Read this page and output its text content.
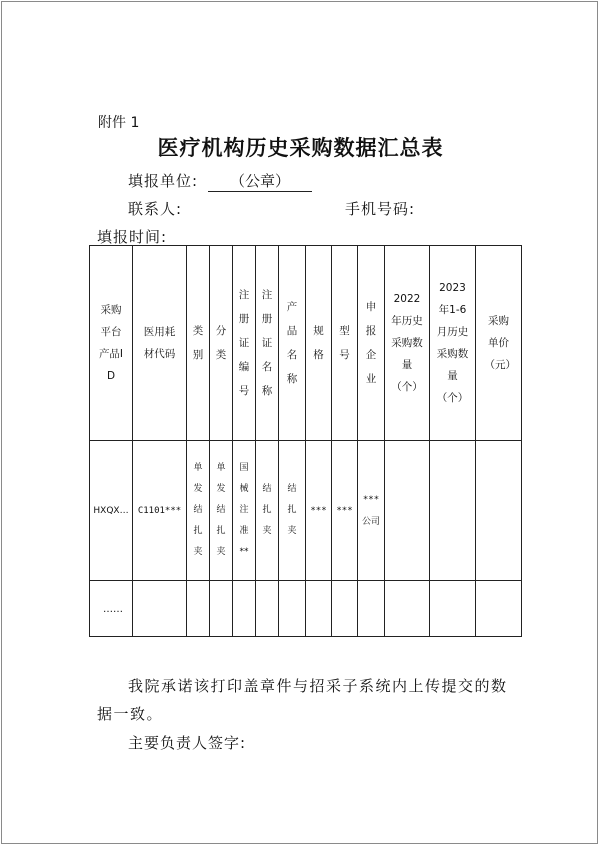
附件 1
医疗机构历史采购数据汇总表
填报单位:	（公章）
联系人:	手机号码:
填报时间:
采购平台产品ID	医用耗材代码	类别	分类	注册证编号	注册证名称	产品名称	规格	型号	申报企业	2022年历史采购数量（个）	2023年1-6月历史采购数量（个）	采购单价（元）
HXQX…	C1101***	单发结扎夹	单发结扎夹	国械注准**	结扎夹	结扎夹	***	***	***公司			
……												
我院承诺该打印盖章件与招采子系统内上传提交的数据一致。
主要负责人签字:
